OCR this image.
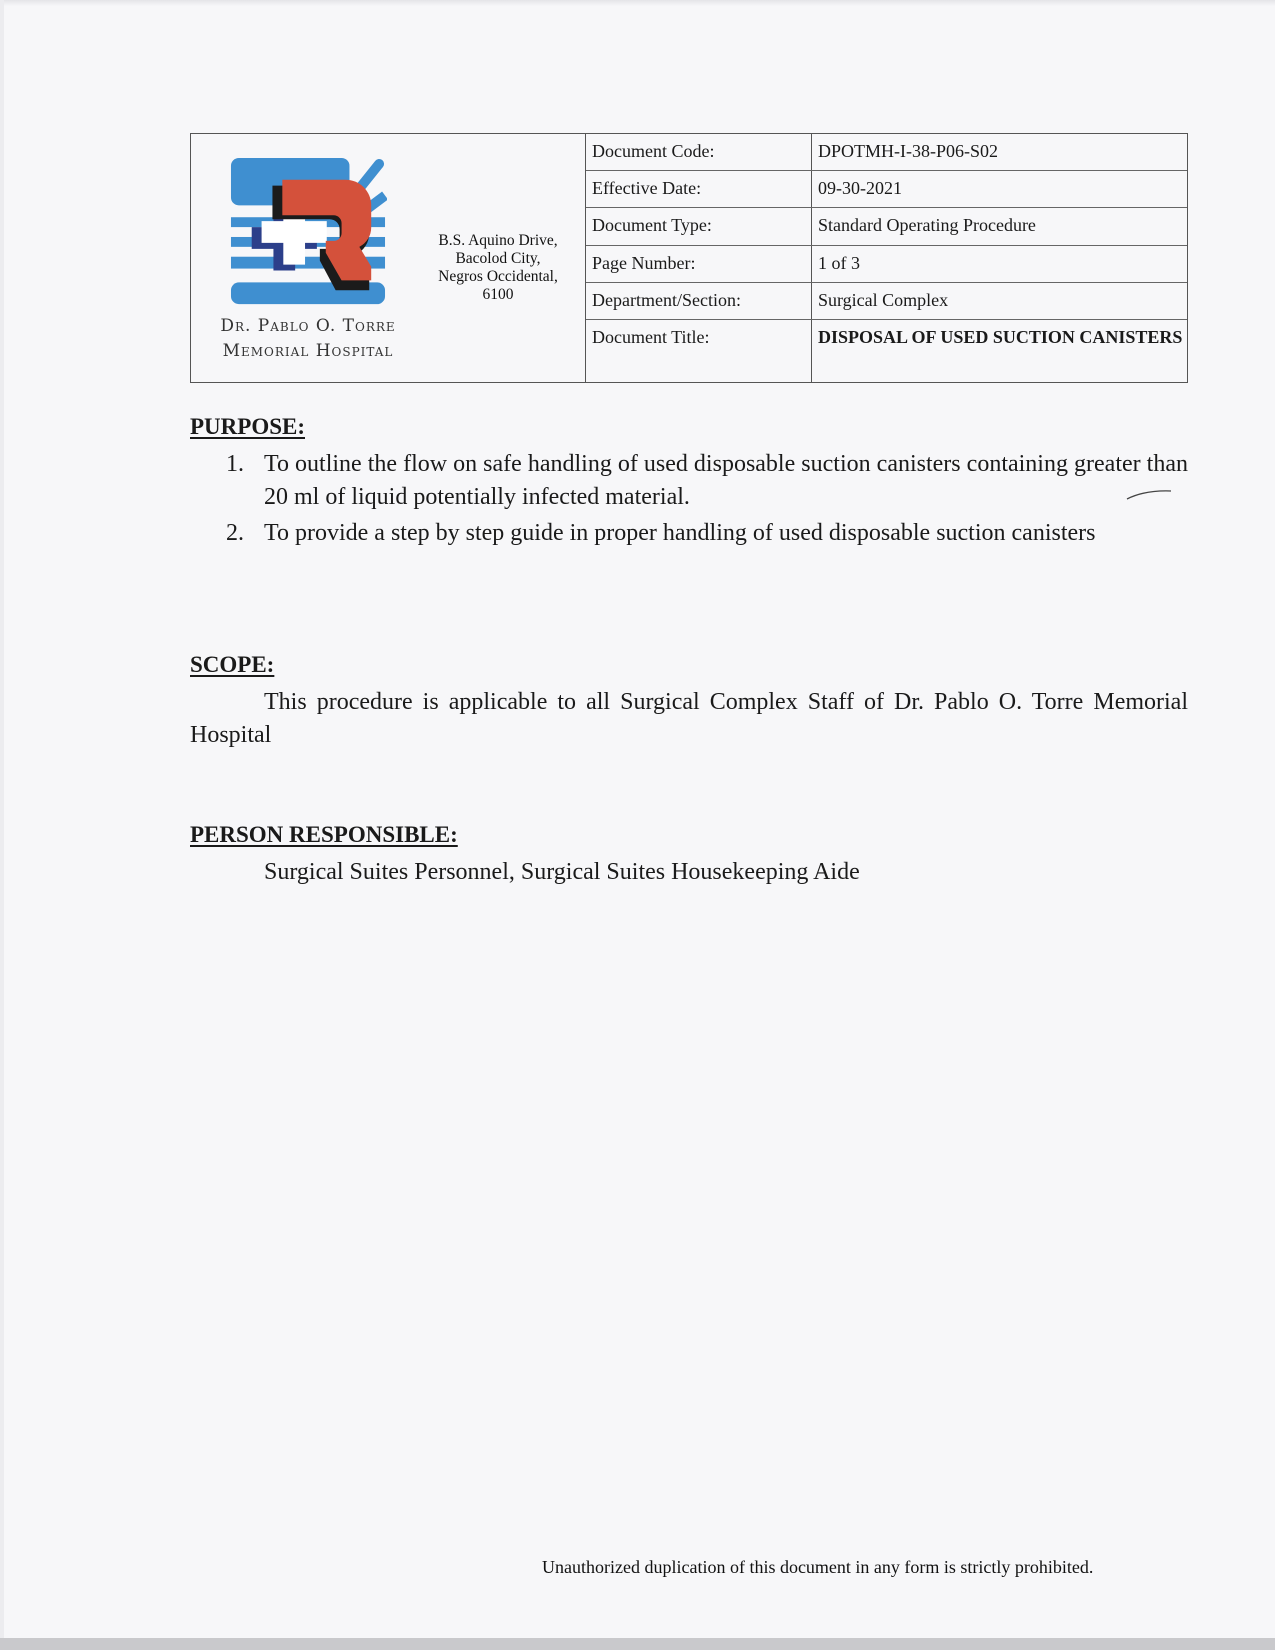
Dr. Pablo O. Torre
Memorial Hospital
B.S. Aquino Drive,
Bacolod City,
Negros Occidental,
6100
Document Code:	DPOTMH-I-38-P06-S02
Effective Date:	09-30-2021
Document Type:	Standard Operating Procedure
Page Number:	1 of 3
Department/Section:	Surgical Complex
Document Title:	DISPOSAL OF USED SUCTION CANISTERS
PURPOSE:
1. To outline the flow on safe handling of used disposable suction canisters containing greater than 20 ml of liquid potentially infected material.
2. To provide a step by step guide in proper handling of used disposable suction canisters
SCOPE:
This procedure is applicable to all Surgical Complex Staff of Dr. Pablo O. Torre Memorial Hospital
PERSON RESPONSIBLE:
Surgical Suites Personnel, Surgical Suites Housekeeping Aide
Unauthorized duplication of this document in any form is strictly prohibited.
